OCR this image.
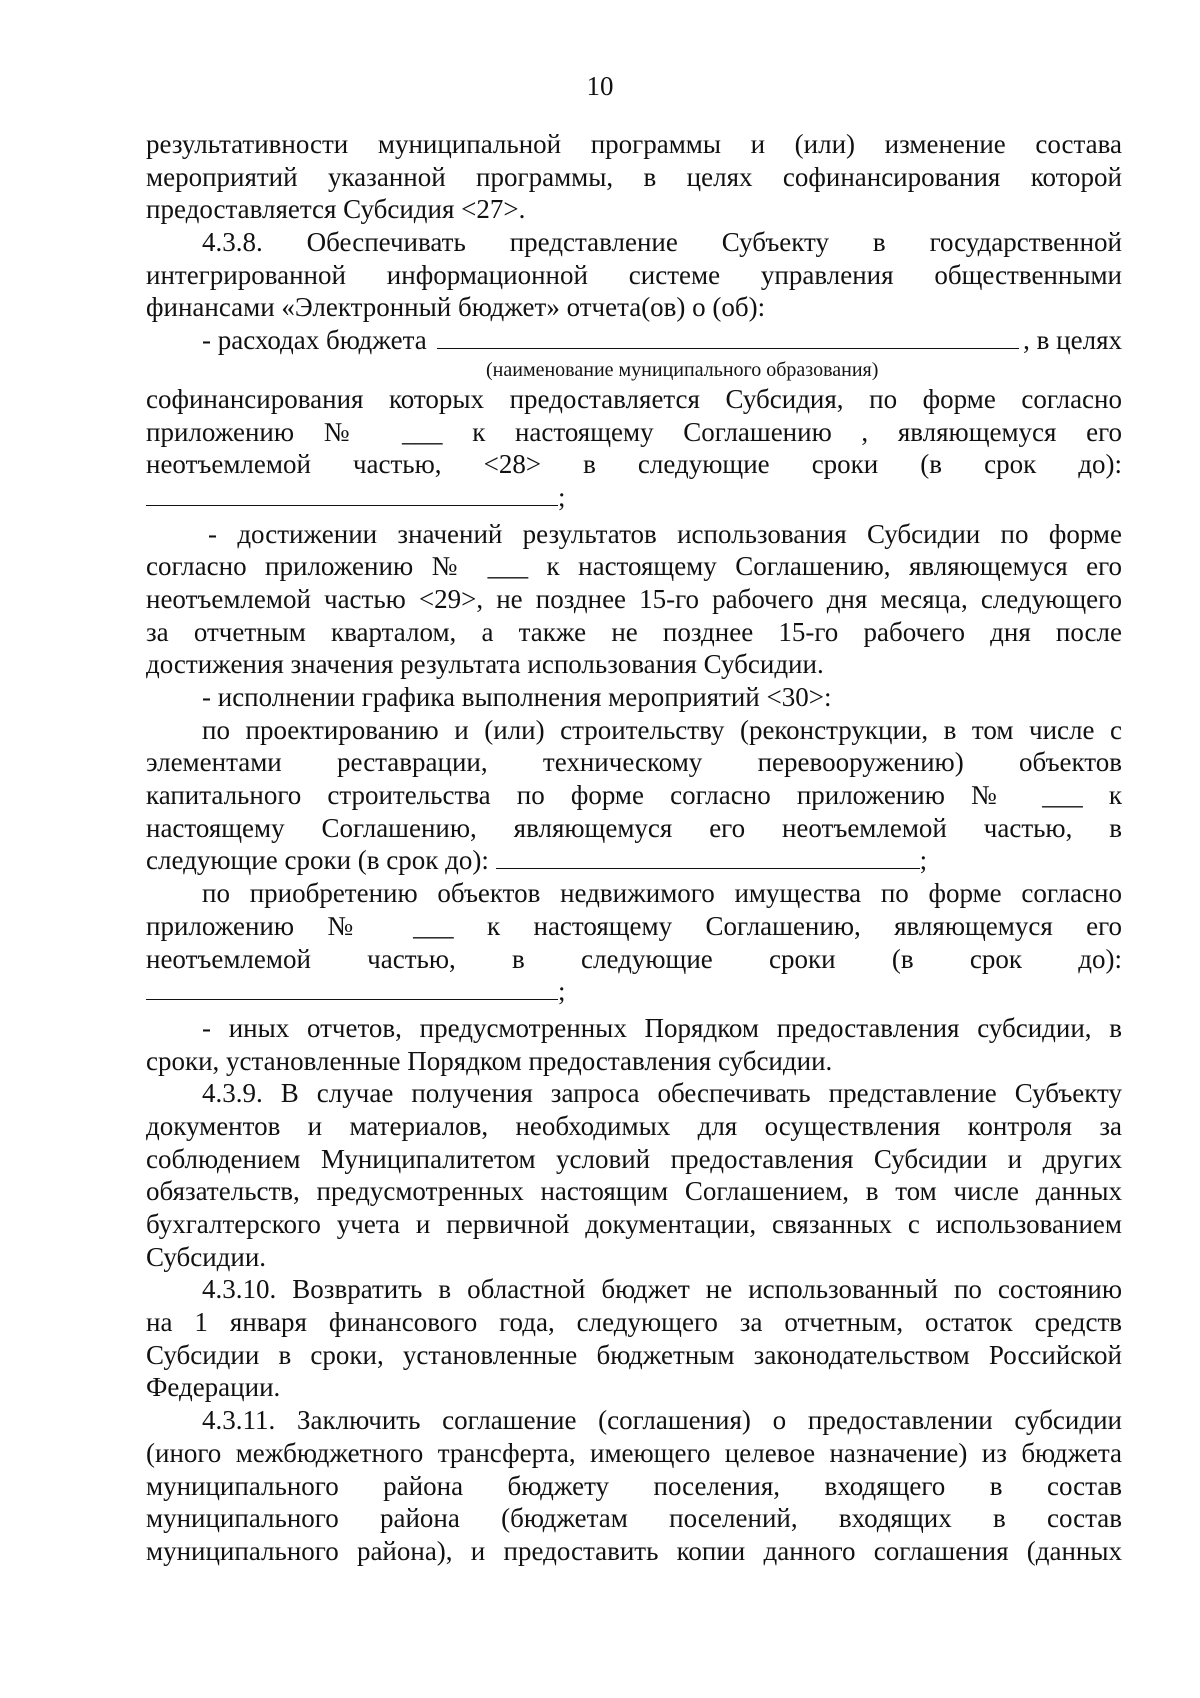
10
результативности муниципальной программы и (или) изменение состава
мероприятий указанной программы, в целях софинансирования которой
предоставляется Субсидия <27>.
4.3.8. Обеспечивать представление Субъекту в государственной
интегрированной информационной системе управления общественными
финансами «Электронный бюджет» отчета(ов) о (об):
- расходах бюджета	, в целях
(наименование муниципального образования)
софинансирования которых предоставляется Субсидия, по форме согласно
приложению № ___ к настоящему Соглашению , являющемуся его
неотъемлемой частью, <28> в следующие сроки (в срок до):
;
- достижении значений результатов использования Субсидии по форме
согласно приложению № ___ к настоящему Соглашению, являющемуся его
неотъемлемой частью <29>, не позднее 15-го рабочего дня месяца, следующего
за отчетным кварталом, а также не позднее 15-го рабочего дня после
достижения значения результата использования Субсидии.
- исполнении графика выполнения мероприятий <30>:
по проектированию и (или) строительству (реконструкции, в том числе с
элементами реставрации, техническому перевооружению) объектов
капитального строительства по форме согласно приложению № ___ к
настоящему Соглашению, являющемуся его неотъемлемой частью, в
следующие сроки (в срок до):	;
по приобретению объектов недвижимого имущества по форме согласно
приложению № ___ к настоящему Соглашению, являющемуся его
неотъемлемой частью, в следующие сроки (в срок до):
;
- иных отчетов, предусмотренных Порядком предоставления субсидии, в
сроки, установленные Порядком предоставления субсидии.
4.3.9. В случае получения запроса обеспечивать представление Субъекту
документов и материалов, необходимых для осуществления контроля за
соблюдением Муниципалитетом условий предоставления Субсидии и других
обязательств, предусмотренных настоящим Соглашением, в том числе данных
бухгалтерского учета и первичной документации, связанных с использованием
Субсидии.
4.3.10. Возвратить в областной бюджет не использованный по состоянию
на 1 января финансового года, следующего за отчетным, остаток средств
Субсидии в сроки, установленные бюджетным законодательством Российской
Федерации.
4.3.11. Заключить соглашение (соглашения) о предоставлении субсидии
(иного межбюджетного трансферта, имеющего целевое назначение) из бюджета
муниципального района бюджету поселения, входящего в состав
муниципального района (бюджетам поселений, входящих в состав
муниципального района), и предоставить копии данного соглашения (данных
